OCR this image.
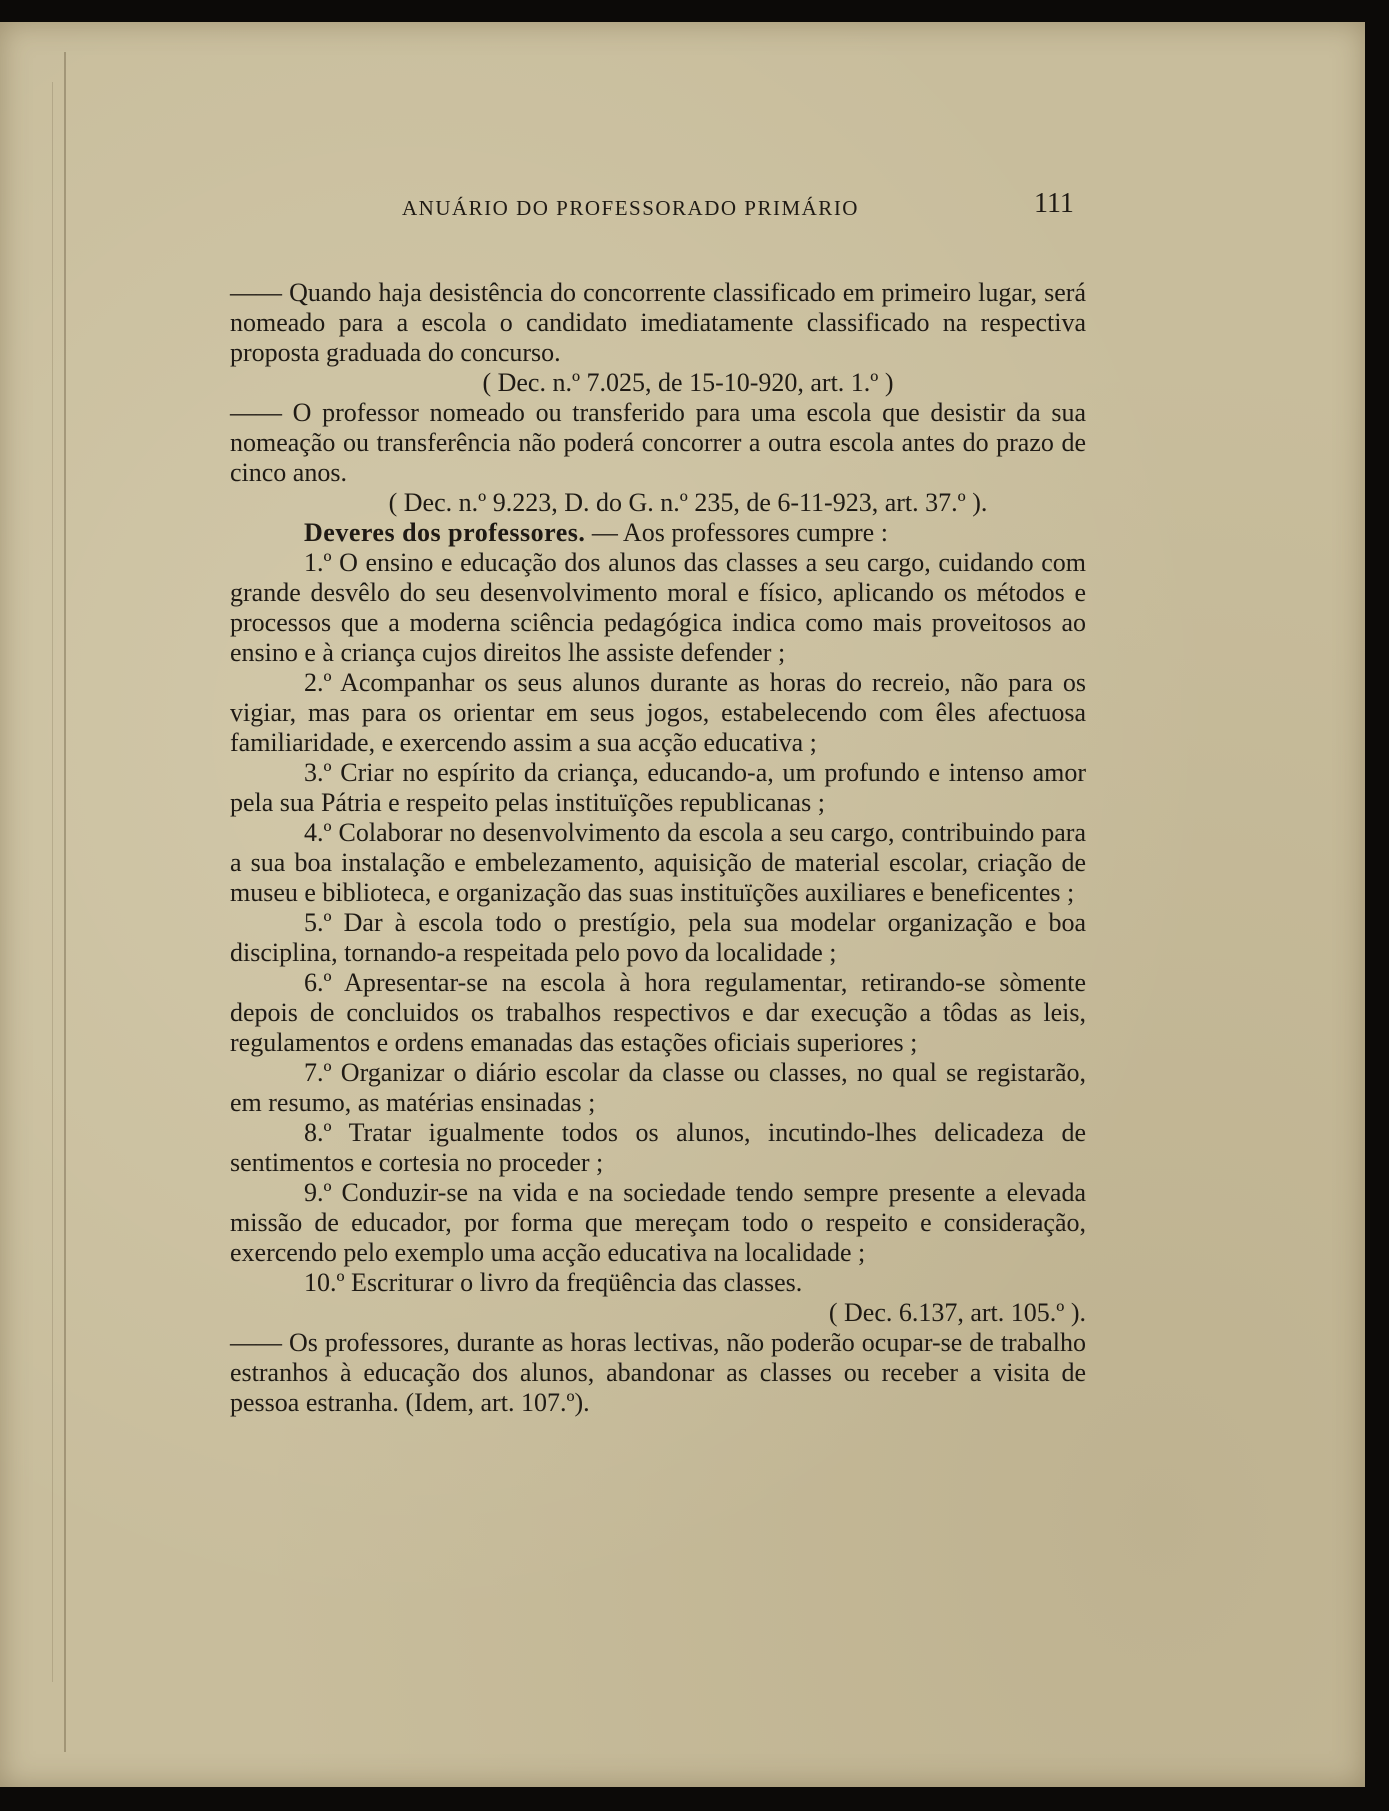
ANUÁRIO DO PROFESSORADO PRIMÁRIO	111

—— Quando haja desistência do concorrente classificado em primeiro lugar, será nomeado para a escola o candidato imediatamente classificado na respectiva proposta graduada do concurso.

( Dec. n.º 7.025, de 15-10-920, art. 1.º )

—— O professor nomeado ou transferido para uma escola que desistir da sua nomeação ou transferência não poderá concorrer a outra escola antes do prazo de cinco anos.

( Dec. n.º 9.223, D. do G. n.º 235, de 6-11-923, art. 37.º ).

Deveres dos professores. — Aos professores cumpre :

1.º O ensino e educação dos alunos das classes a seu cargo, cuidando com grande desvêlo do seu desenvolvimento moral e físico, aplicando os métodos e processos que a moderna sciência pedagógica indica como mais proveitosos ao ensino e à criança cujos direitos lhe assiste defender ;

2.º Acompanhar os seus alunos durante as horas do recreio, não para os vigiar, mas para os orientar em seus jogos, estabelecendo com êles afectuosa familiaridade, e exercendo assim a sua acção educativa ;

3.º Criar no espírito da criança, educando-a, um profundo e intenso amor pela sua Pátria e respeito pelas instituïções republicanas ;

4.º Colaborar no desenvolvimento da escola a seu cargo, contribuindo para a sua boa instalação e embelezamento, aquisição de material escolar, criação de museu e biblioteca, e organização das suas instituïções auxiliares e beneficentes ;

5.º Dar à escola todo o prestígio, pela sua modelar organização e boa disciplina, tornando-a respeitada pelo povo da localidade ;

6.º Apresentar-se na escola à hora regulamentar, retirando-se sòmente depois de concluidos os trabalhos respectivos e dar execução a tôdas as leis, regulamentos e ordens emanadas das estações oficiais superiores ;

7.º Organizar o diário escolar da classe ou classes, no qual se registarão, em resumo, as matérias ensinadas ;

8.º Tratar igualmente todos os alunos, incutindo-lhes delicadeza de sentimentos e cortesia no proceder ;

9.º Conduzir-se na vida e na sociedade tendo sempre presente a elevada missão de educador, por forma que mereçam todo o respeito e consideração, exercendo pelo exemplo uma acção educativa na localidade ;

10.º Escriturar o livro da freqüência das classes.

( Dec. 6.137, art. 105.º ).

—— Os professores, durante as horas lectivas, não poderão ocupar-se de trabalho estranhos à educação dos alunos, abandonar as classes ou receber a visita de pessoa estranha. (Idem, art. 107.º).
